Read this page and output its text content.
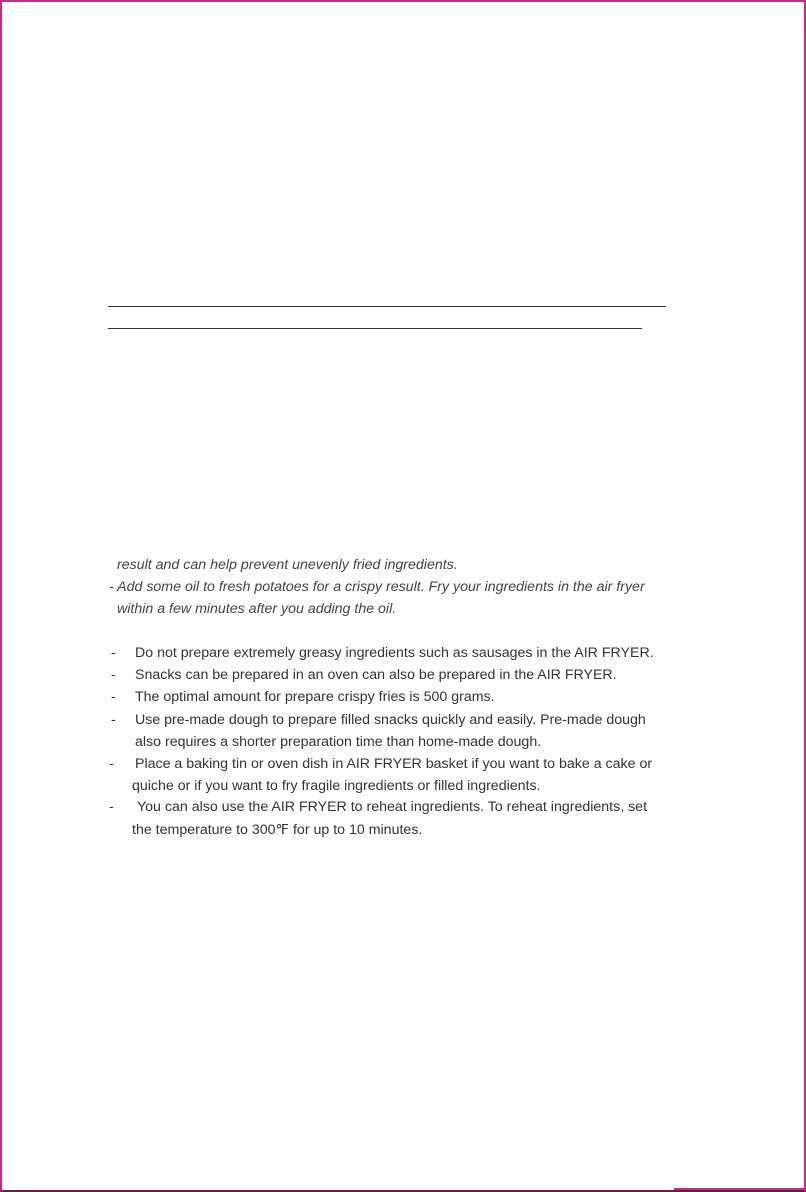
result and can help prevent unevenly fried ingredients.
- Add some oil to fresh potatoes for a crispy result. Fry your ingredients in the air fryer
within a few minutes after you adding the oil.
- Do not prepare extremely greasy ingredients such as sausages in the AIR FRYER.
- Snacks can be prepared in an oven can also be prepared in the AIR FRYER.
- The optimal amount for prepare crispy fries is 500 grams.
- Use pre-made dough to prepare filled snacks quickly and easily. Pre-made dough
also requires a shorter preparation time than home-made dough.
- Place a baking tin or oven dish in AIR FRYER basket if you want to bake a cake or
quiche or if you want to fry fragile ingredients or filled ingredients.
- You can also use the AIR FRYER to reheat ingredients. To reheat ingredients, set
the temperature to 300℉ for up to 10 minutes.
